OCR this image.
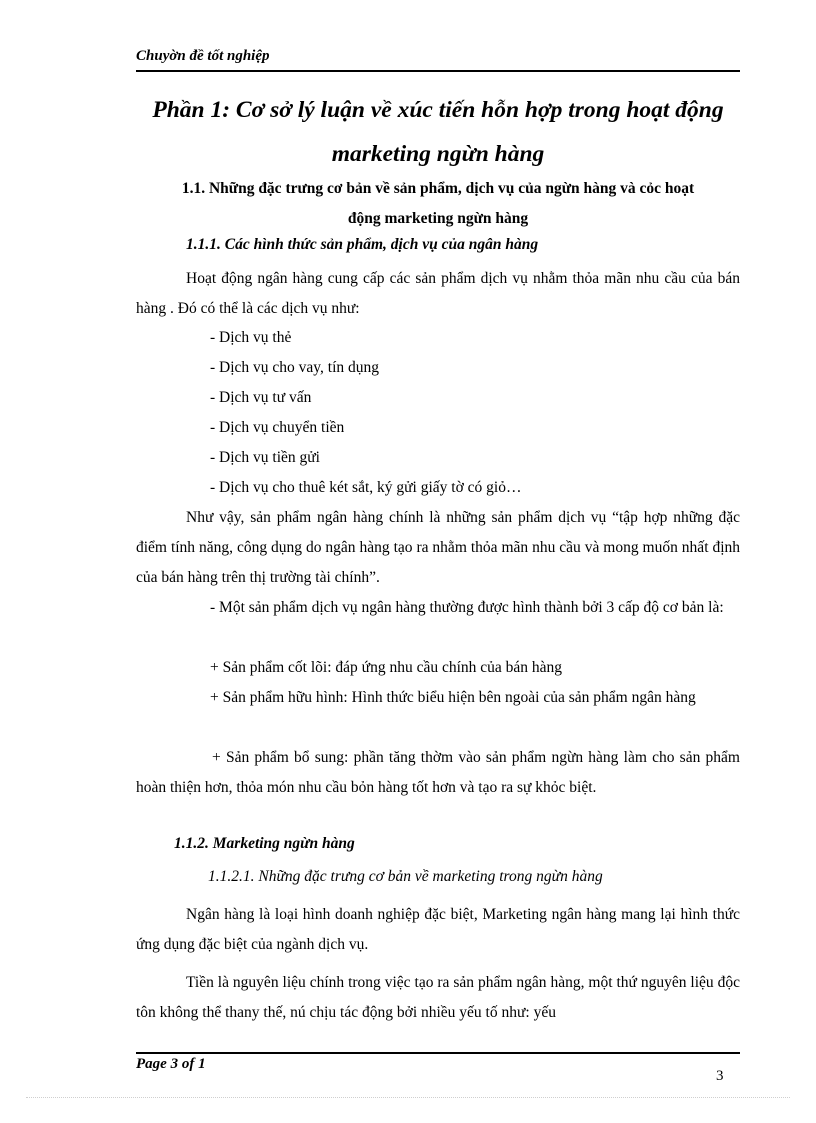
Chuyờn đề tốt nghiệp
Phần 1: Cơ sở lý luận về xúc tiến hỗn hợp trong hoạt động
marketing ngừn hàng
1.1. Những đặc trưng cơ bản về sản phẩm, dịch vụ của ngừn hàng và cỏc hoạt
động marketing ngừn hàng
1.1.1. Các hình thức sản phẩm, dịch vụ của ngân hàng
Hoạt động ngân hàng cung cấp các sản phẩm dịch vụ nhằm thỏa mãn nhu cầu của bán hàng . Đó có thể là các dịch vụ như:
- Dịch vụ thẻ
- Dịch vụ cho vay, tín dụng
- Dịch vụ tư vấn
- Dịch vụ chuyển tiền
- Dịch vụ tiền gửi
- Dịch vụ cho thuê két sắt, ký gửi giấy tờ có giỏ…
Như vậy, sản phẩm ngân hàng chính là những sản phẩm dịch vụ “tập hợp những đặc điểm tính năng, công dụng do ngân hàng tạo ra nhằm thỏa mãn nhu cầu và mong muốn nhất định của bán hàng trên thị trường tài chính”.
- Một sản phẩm dịch vụ ngân hàng thường được hình thành bởi 3 cấp độ cơ bản là:
+ Sản phẩm cốt lõi: đáp ứng nhu cầu chính của bán hàng
+ Sản phẩm hữu hình: Hình thức biểu hiện bên ngoài của sản phẩm ngân hàng
+ Sản phẩm bổ sung: phần tăng thờm vào sản phẩm ngừn hàng làm cho sản phẩm hoàn thiện hơn, thỏa món nhu cầu bỏn hàng tốt hơn và tạo ra sự khỏc biệt.
1.1.2. Marketing ngừn hàng
1.1.2.1. Những đặc trưng cơ bản về marketing trong ngừn hàng
Ngân hàng là loại hình doanh nghiệp đặc biệt, Marketing ngân hàng mang lại hình thức ứng dụng đặc biệt của ngành dịch vụ.
Tiền là nguyên liệu chính trong việc tạo ra sản phẩm ngân hàng, một thứ nguyên liệu độc tôn không thể thany thế, nú chịu tác động bởi nhiều yếu tố như: yếu
Page 3 of 1
3
